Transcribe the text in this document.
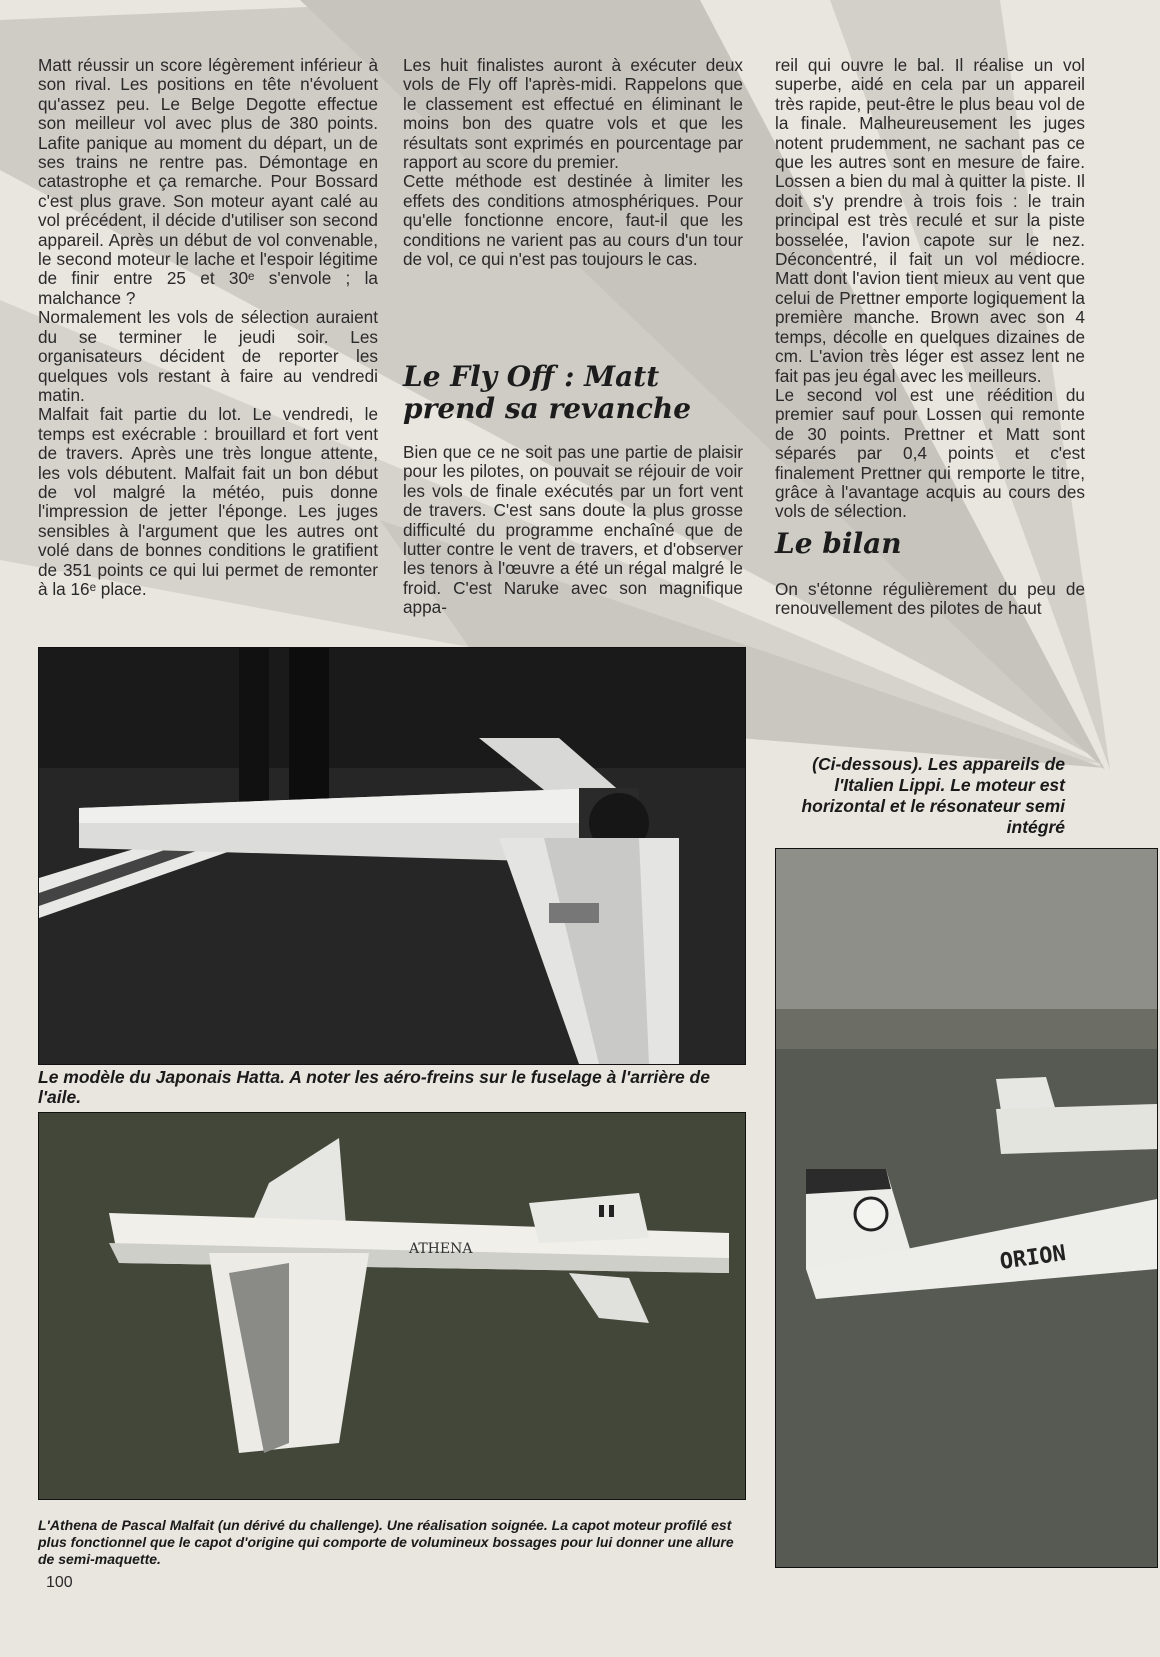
Matt réussir un score légèrement inférieur à son rival. Les positions en tête n'évoluent qu'assez peu. Le Belge Degotte effectue son meilleur vol avec plus de 380 points. Lafite panique au moment du départ, un de ses trains ne rentre pas. Démontage en catastrophe et ça remarche. Pour Bossard c'est plus grave. Son moteur ayant calé au vol précédent, il décide d'utiliser son second appareil. Après un début de vol convenable, le second moteur le lache et l'espoir légitime de finir entre 25 et 30ᵉ s'envole ; la malchance ?

Normalement les vols de sélection auraient du se terminer le jeudi soir. Les organisateurs décident de reporter les quelques vols restant à faire au vendredi matin.

Malfait fait partie du lot. Le vendredi, le temps est exécrable : brouillard et fort vent de travers. Après une très longue attente, les vols débutent. Malfait fait un bon début de vol malgré la météo, puis donne l'impression de jetter l'éponge. Les juges sensibles à l'argument que les autres ont volé dans de bonnes conditions le gratifient de 351 points ce qui lui permet de remonter à la 16ᵉ place.

Les huit finalistes auront à exécuter deux vols de Fly off l'après-midi. Rappelons que le classement est effectué en éliminant le moins bon des quatre vols et que les résultats sont exprimés en pourcentage par rapport au score du premier.

Cette méthode est destinée à limiter les effets des conditions atmosphériques. Pour qu'elle fonctionne encore, faut-il que les conditions ne varient pas au cours d'un tour de vol, ce qui n'est pas toujours le cas.

Le Fly Off : Matt prend sa revanche

Bien que ce ne soit pas une partie de plaisir pour les pilotes, on pouvait se réjouir de voir les vols de finale exécutés par un fort vent de travers. C'est sans doute la plus grosse difficulté du programme enchaîné que de lutter contre le vent de travers, et d'observer les tenors à l'œuvre a été un régal malgré le froid. C'est Naruke avec son magnifique appa-

reil qui ouvre le bal. Il réalise un vol superbe, aidé en cela par un appareil très rapide, peut-être le plus beau vol de la finale. Malheureusement les juges notent prudemment, ne sachant pas ce que les autres sont en mesure de faire. Lossen a bien du mal à quitter la piste. Il doit s'y prendre à trois fois : le train principal est très reculé et sur la piste bosselée, l'avion capote sur le nez. Déconcentré, il fait un vol médiocre. Matt dont l'avion tient mieux au vent que celui de Prettner emporte logiquement la première manche. Brown avec son 4 temps, décolle en quelques dizaines de cm. L'avion très léger est assez lent ne fait pas jeu égal avec les meilleurs.

Le second vol est une réédition du premier sauf pour Lossen qui remonte de 30 points. Prettner et Matt sont séparés par 0,4 points et c'est finalement Prettner qui remporte le titre, grâce à l'avantage acquis au cours des vols de sélection.

Le bilan

On s'étonne régulièrement du peu de renouvellement des pilotes de haut

Le modèle du Japonais Hatta. A noter les aéro-freins sur le fuselage à l'arrière de l'aile.
ATHENA
L'Athena de Pascal Malfait (un dérivé du challenge). Une réalisation soignée. La capot moteur profilé est plus fonctionnel que le capot d'origine qui comporte de volumineux bossages pour lui donner une allure de semi-maquette.
(Ci-dessous). Les appareils de l'Italien Lippi. Le moteur est horizontal et le résonateur semi intégré
ORION
100
